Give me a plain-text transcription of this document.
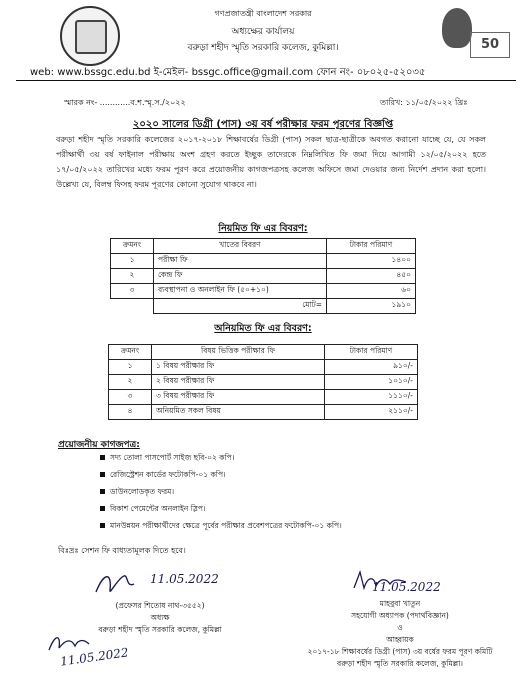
50
গণপ্রজাতন্ত্রী বাংলাদেশ সরকার
অধ্যক্ষের কার্যালয়
বরুড়া শহীদ স্মৃতি সরকারি কলেজ, কুমিল্লা।
web: www.bssgc.edu.bd ই-মেইল- bssgc.office@gmail.com ফোন নং- ০৮০২৫-৫২০৩৫
স্মারক নং- ............ব.শ.স্মৃ.স./২০২২	তারিখ: ১১/০৫/২০২২ খ্রিঃ
২০২০ সালের ডিগ্রী (পাস) ৩য় বর্ষ পরীক্ষার ফরম পূরণের বিজ্ঞপ্তি
বরুড়া শহীদ স্মৃতি সরকারি কলেজের ২০১৭-২০১৮ শিক্ষাবর্ষের ডিগ্রী (পাস) সকল ছাত্র-ছাত্রীকে অবগত করানো যাচ্ছে যে, যে সকল পরীক্ষার্থী ৩য় বর্ষ ফাইনাল পরীক্ষায় অংশ গ্রহণ করতে ইচ্ছুক তাদেরকে নিম্নলিখিত ফি জমা দিয়ে আগামী ১২/০৫/২০২২ হতে ১৭/০৫/২০২২ তারিখের মধ্যে ফরম পূরণ করে প্রয়োজনীয় কাগজপত্রসহ কলেজ অফিসে জমা দেওয়ার জন্য নির্দেশ প্রদান করা হলো। উল্লেখ্য যে, বিলম্ব ফিসহ ফরম পূরণের কোনো সুযোগ থাকবে না।
নিয়মিত ফি এর বিবরণ:
ক্রমনং	খাতের বিবরণ	টাকার পরিমাণ
১	পরীক্ষা ফি	১৪০০
২	কেন্দ্র ফি	৪৫০
৩	ব্যবস্থাপনা ও অনলাইন ফি (৫০+১০)	৬০
	মোট=	১৯১০
অনিয়মিত ফি এর বিবরণ:
ক্রমনং	বিষয় ভিত্তিক পরীক্ষার ফি	টাকার পরিমাণ
১	১ বিষয় পরীক্ষার ফি	৯১০/-
২	২ বিষয় পরীক্ষার ফি	১০১০/-
৩	৩ বিষয় পরীক্ষার ফি	১১১০/-
৪	অনিয়মিত সকল বিষয়	২১১০/-
প্রয়োজনীয় কাগজপত্র:
সদ্য তোলা পাসপোর্ট সাইজ ছবি-০২ কপি।
রেজিস্ট্রেশন কার্ডের ফটোকপি-০১ কপি।
ডাউনলোডকৃত ফরম।
বিকাশ পেমেন্টের অনলাইন স্লিপ।
মানউন্নয়ন পরীক্ষার্থীদের ক্ষেত্রে পূর্বের পরীক্ষার প্রবেশপত্রের ফটোকপি-০১ কপি।
বিঃদ্রঃ সেশন ফি বাধ্যতামূলক দিতে হবে।
11.05.2022
(প্রফেসর শিতোষ নাথ-৩৫৫২)
অধ্যক্ষ
বরুড়া শহীদ স্মৃতি সরকারি কলেজ, কুমিল্লা
11.05.2022
11.05.2022
মাহবুবা খাতুন
সহযোগী অধ্যাপক (পদার্থবিজ্ঞান)
ও
আহ্বায়ক
২০১৭-১৮ শিক্ষাবর্ষের ডিগ্রী (পাস) ৩য় বর্ষের ফরম পূরণ কমিটি
বরুড়া শহীদ স্মৃতি সরকারি কলেজ, কুমিল্লা।
